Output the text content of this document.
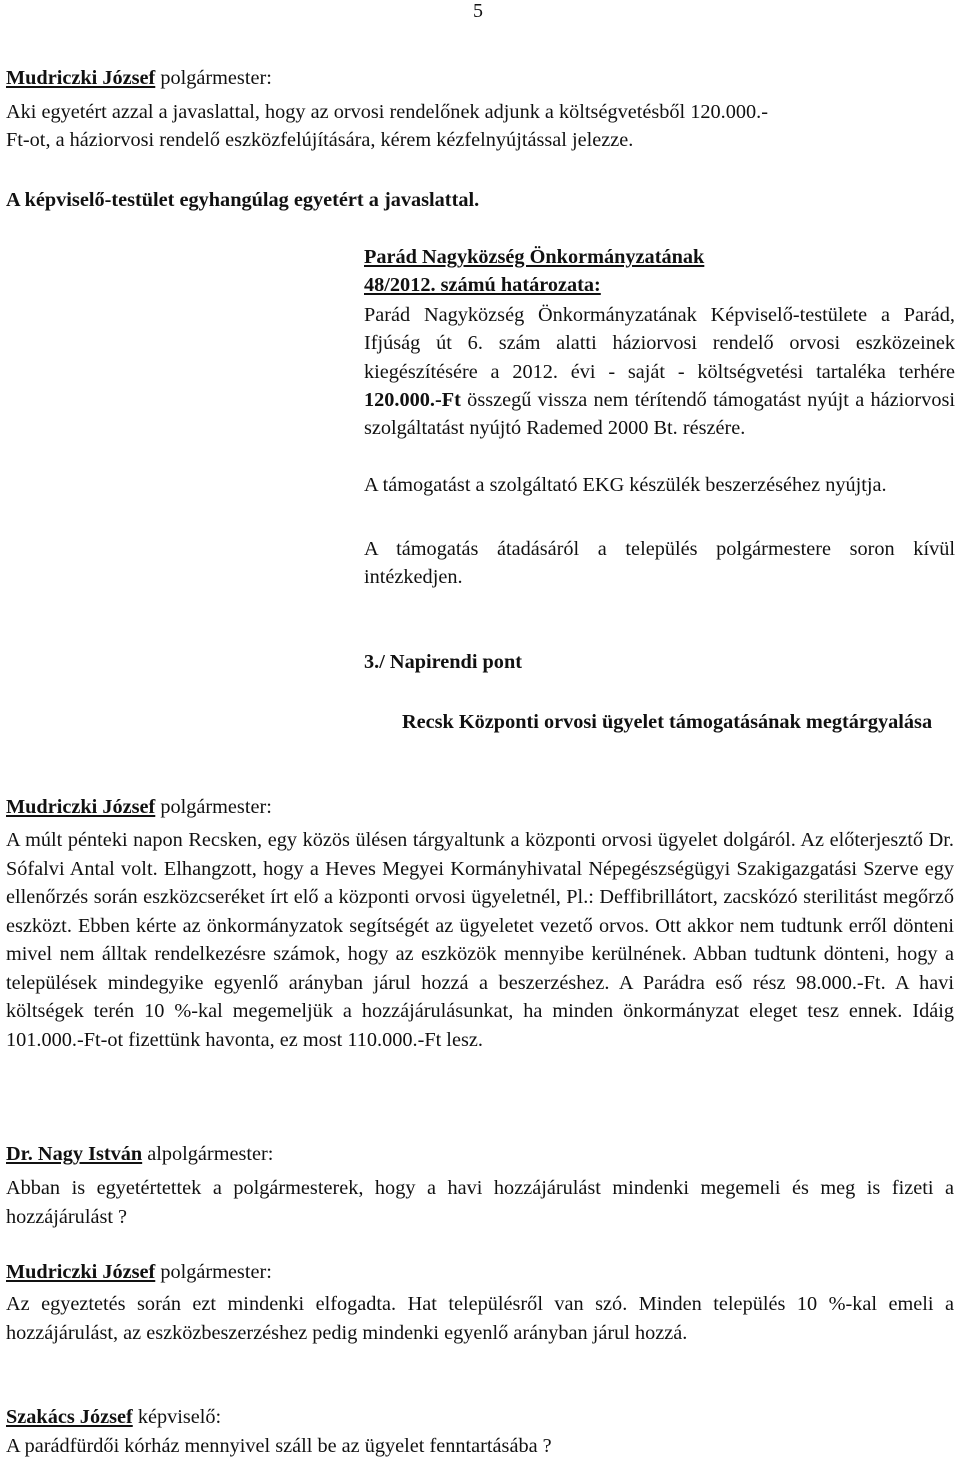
5
Mudriczki József polgármester:
Aki egyetért azzal a javaslattal, hogy az orvosi rendelőnek adjunk a költségvetésből 120.000.-
Ft-ot, a háziorvosi rendelő eszközfelújítására, kérem kézfelnyújtással jelezze.
A képviselő-testület egyhangúlag egyetért a javaslattal.
Parád Nagyközség Önkormányzatának
48/2012. számú határozata:
Parád Nagyközség Önkormányzatának Képviselő-testülete a Parád, Ifjúság út 6. szám alatti háziorvosi rendelő orvosi eszközeinek kiegészítésére a 2012. évi - saját - költségvetési tartaléka terhére 120.000.-Ft összegű vissza nem térítendő támogatást nyújt a háziorvosi szolgáltatást nyújtó Rademed 2000 Bt. részére.
A támogatást a szolgáltató EKG készülék beszerzéséhez nyújtja.
A támogatás átadásáról a település polgármestere soron kívül intézkedjen.
3./ Napirendi pont
Recsk Központi orvosi ügyelet támogatásának megtárgyalása
Mudriczki József polgármester:
A múlt pénteki napon Recsken, egy közös ülésen tárgyaltunk a központi orvosi ügyelet dolgáról. Az előterjesztő Dr. Sófalvi Antal volt. Elhangzott, hogy a Heves Megyei Kormányhivatal Népegészségügyi Szakigazgatási Szerve egy ellenőrzés során eszközcseréket írt elő a központi orvosi ügyeletnél, Pl.: Deffibrillátort, zacskózó sterilitást megőrző eszközt. Ebben kérte az önkormányzatok segítségét az ügyeletet vezető orvos. Ott akkor nem tudtunk erről dönteni mivel nem álltak rendelkezésre számok, hogy az eszközök mennyibe kerülnének. Abban tudtunk dönteni, hogy a települések mindegyike egyenlő arányban járul hozzá a beszerzéshez. A Parádra eső rész 98.000.-Ft. A havi költségek terén 10 %-kal megemeljük a hozzájárulásunkat, ha minden önkormányzat eleget tesz ennek. Idáig 101.000.-Ft-ot fizettünk havonta, ez most 110.000.-Ft lesz.
Dr. Nagy István alpolgármester:
Abban is egyetértettek a polgármesterek, hogy a havi hozzájárulást mindenki megemeli és meg is fizeti a hozzájárulást ?
Mudriczki József polgármester:
Az egyeztetés során ezt mindenki elfogadta. Hat településről van szó. Minden település 10 %-kal emeli a hozzájárulást, az eszközbeszerzéshez pedig mindenki egyenlő arányban járul hozzá.
Szakács József képviselő:
A parádfürdői kórház mennyivel száll be az ügyelet fenntartásába ?
